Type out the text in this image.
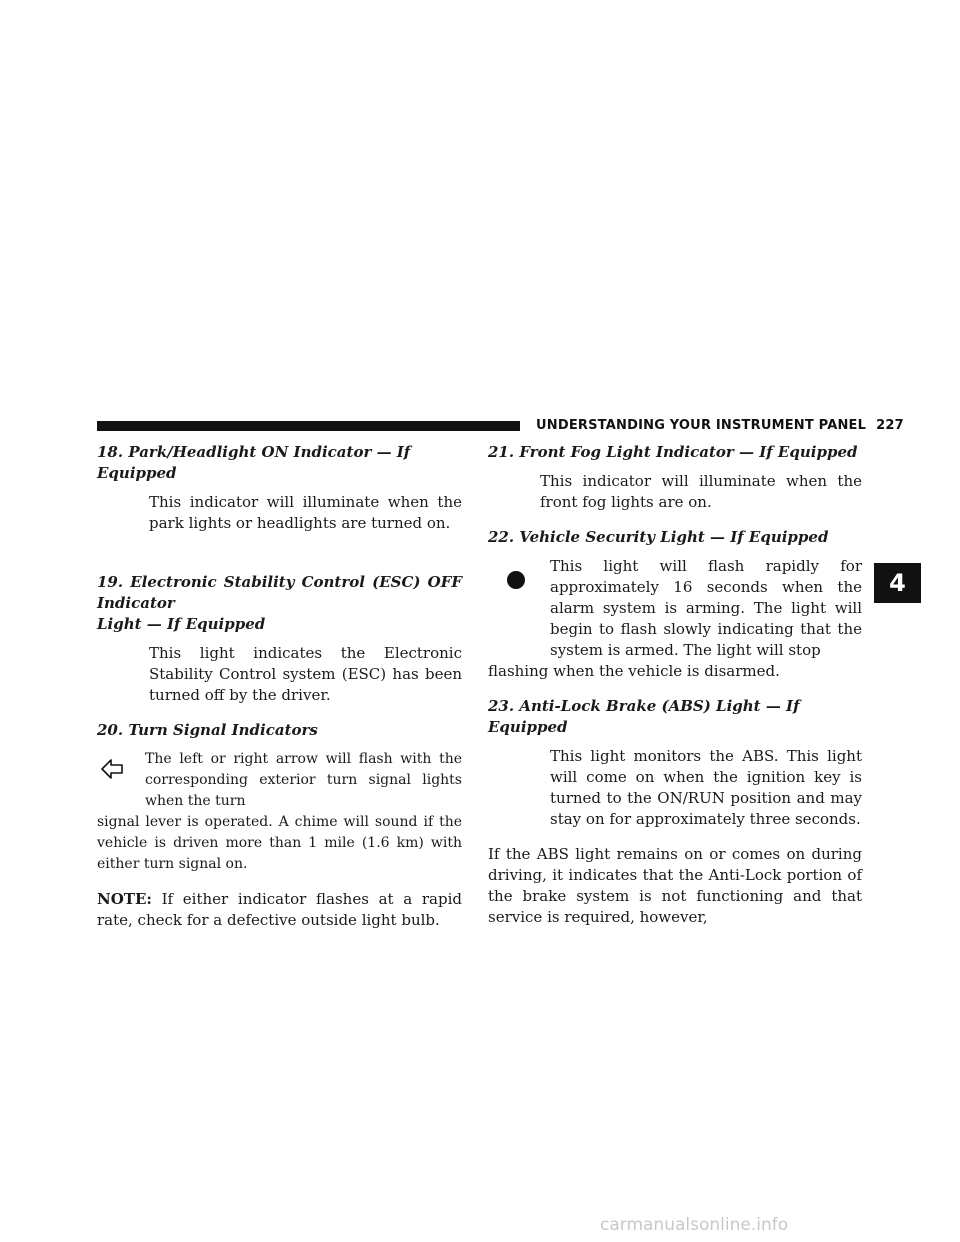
UNDERSTANDING YOUR INSTRUMENT PANEL 227
4

18. Park/Headlight ON Indicator — If Equipped

This indicator will illuminate when the park lights or headlights are turned on.

19. Electronic Stability Control (ESC) OFF Indicator

Light — If Equipped

This light indicates the Electronic Stability Control system (ESC) has been turned off by the driver.

20. Turn Signal Indicators

The left or right arrow will flash with the corresponding exterior turn signal lights when the turn

signal lever is operated. A chime will sound if the vehicle is driven more than 1 mile (1.6 km) with either turn signal on.

NOTE: If either indicator flashes at a rapid rate, check for a defective outside light bulb.

21. Front Fog Light Indicator — If Equipped

This indicator will illuminate when the front fog lights are on.

22. Vehicle Security Light — If Equipped

This light will flash rapidly for approximately 16 seconds when the alarm system is arming. The light will begin to flash slowly indicating that the system is armed. The light will stop

flashing when the vehicle is disarmed.

23. Anti-Lock Brake (ABS) Light — If Equipped

This light monitors the ABS. This light will come on when the ignition key is turned to the ON/RUN position and may stay on for approximately three seconds.

If the ABS light remains on or comes on during driving, it indicates that the Anti-Lock portion of the brake system is not functioning and that service is required, however,

carmanualsonline.info
